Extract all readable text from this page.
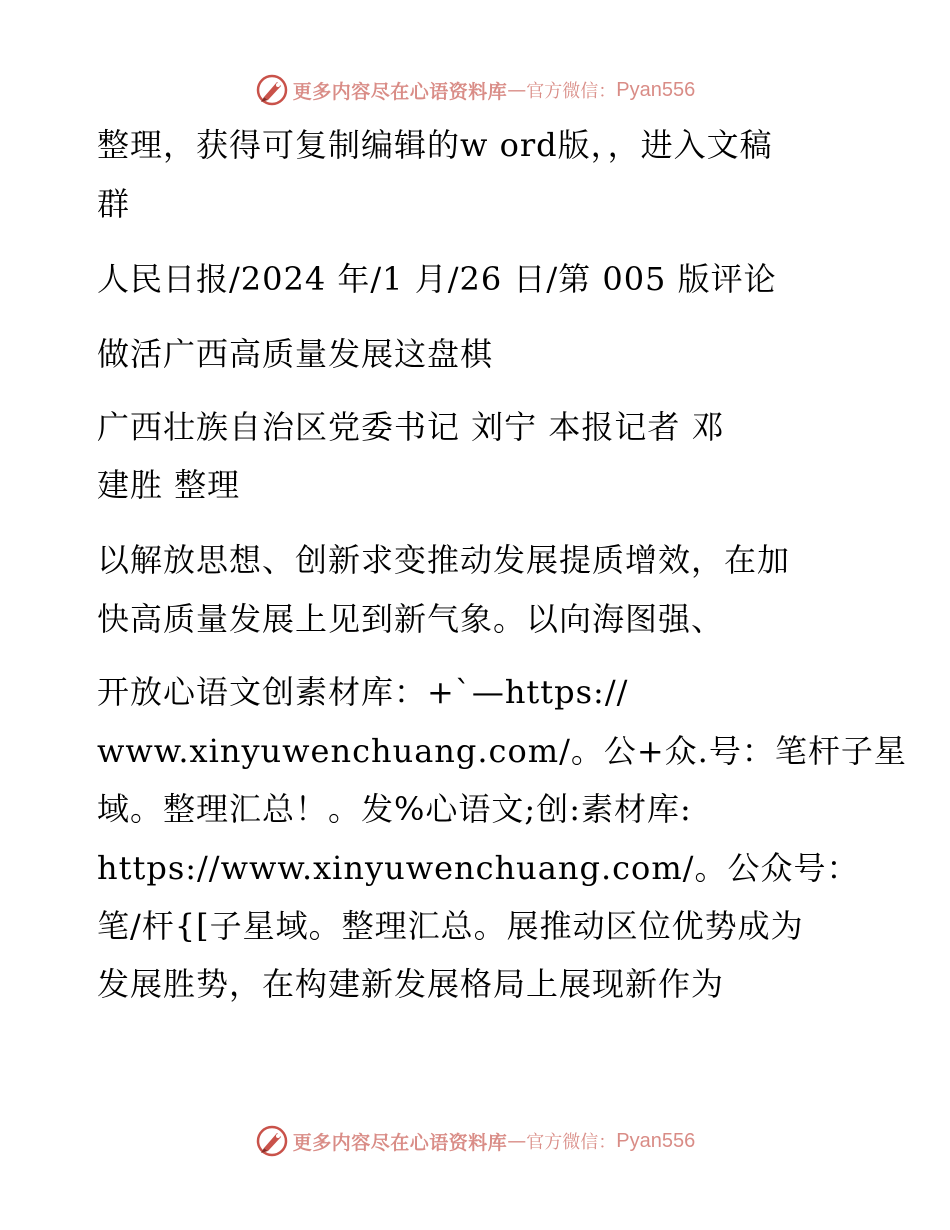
更多内容尽在心语资料库 — 官方微信： Pyan556
整理，获得可复制编辑的w ord版，，进入文稿
群
人民日报/2024 年/1 月/26 日/第 005 版评论
做活广西高质量发展这盘棋
广西壮族自治区党委书记 刘宁 本报记者 邓
建胜 整理
以解放思想、创新求变推动发展提质增效，在加
快高质量发展上见到新气象。以向海图强、
开放心语文创素材库：+`—https://
www.xinyuwenchuang.com/。公+众.号：笔杆子星
域。整理汇总！。发%心语文;创:素材库:
https://www.xinyuwenchuang.com/。公众号：
笔/杆{[子星域。整理汇总。展推动区位优势成为
发展胜势，在构建新发展格局上展现新作为
更多内容尽在心语资料库 — 官方微信： Pyan556
